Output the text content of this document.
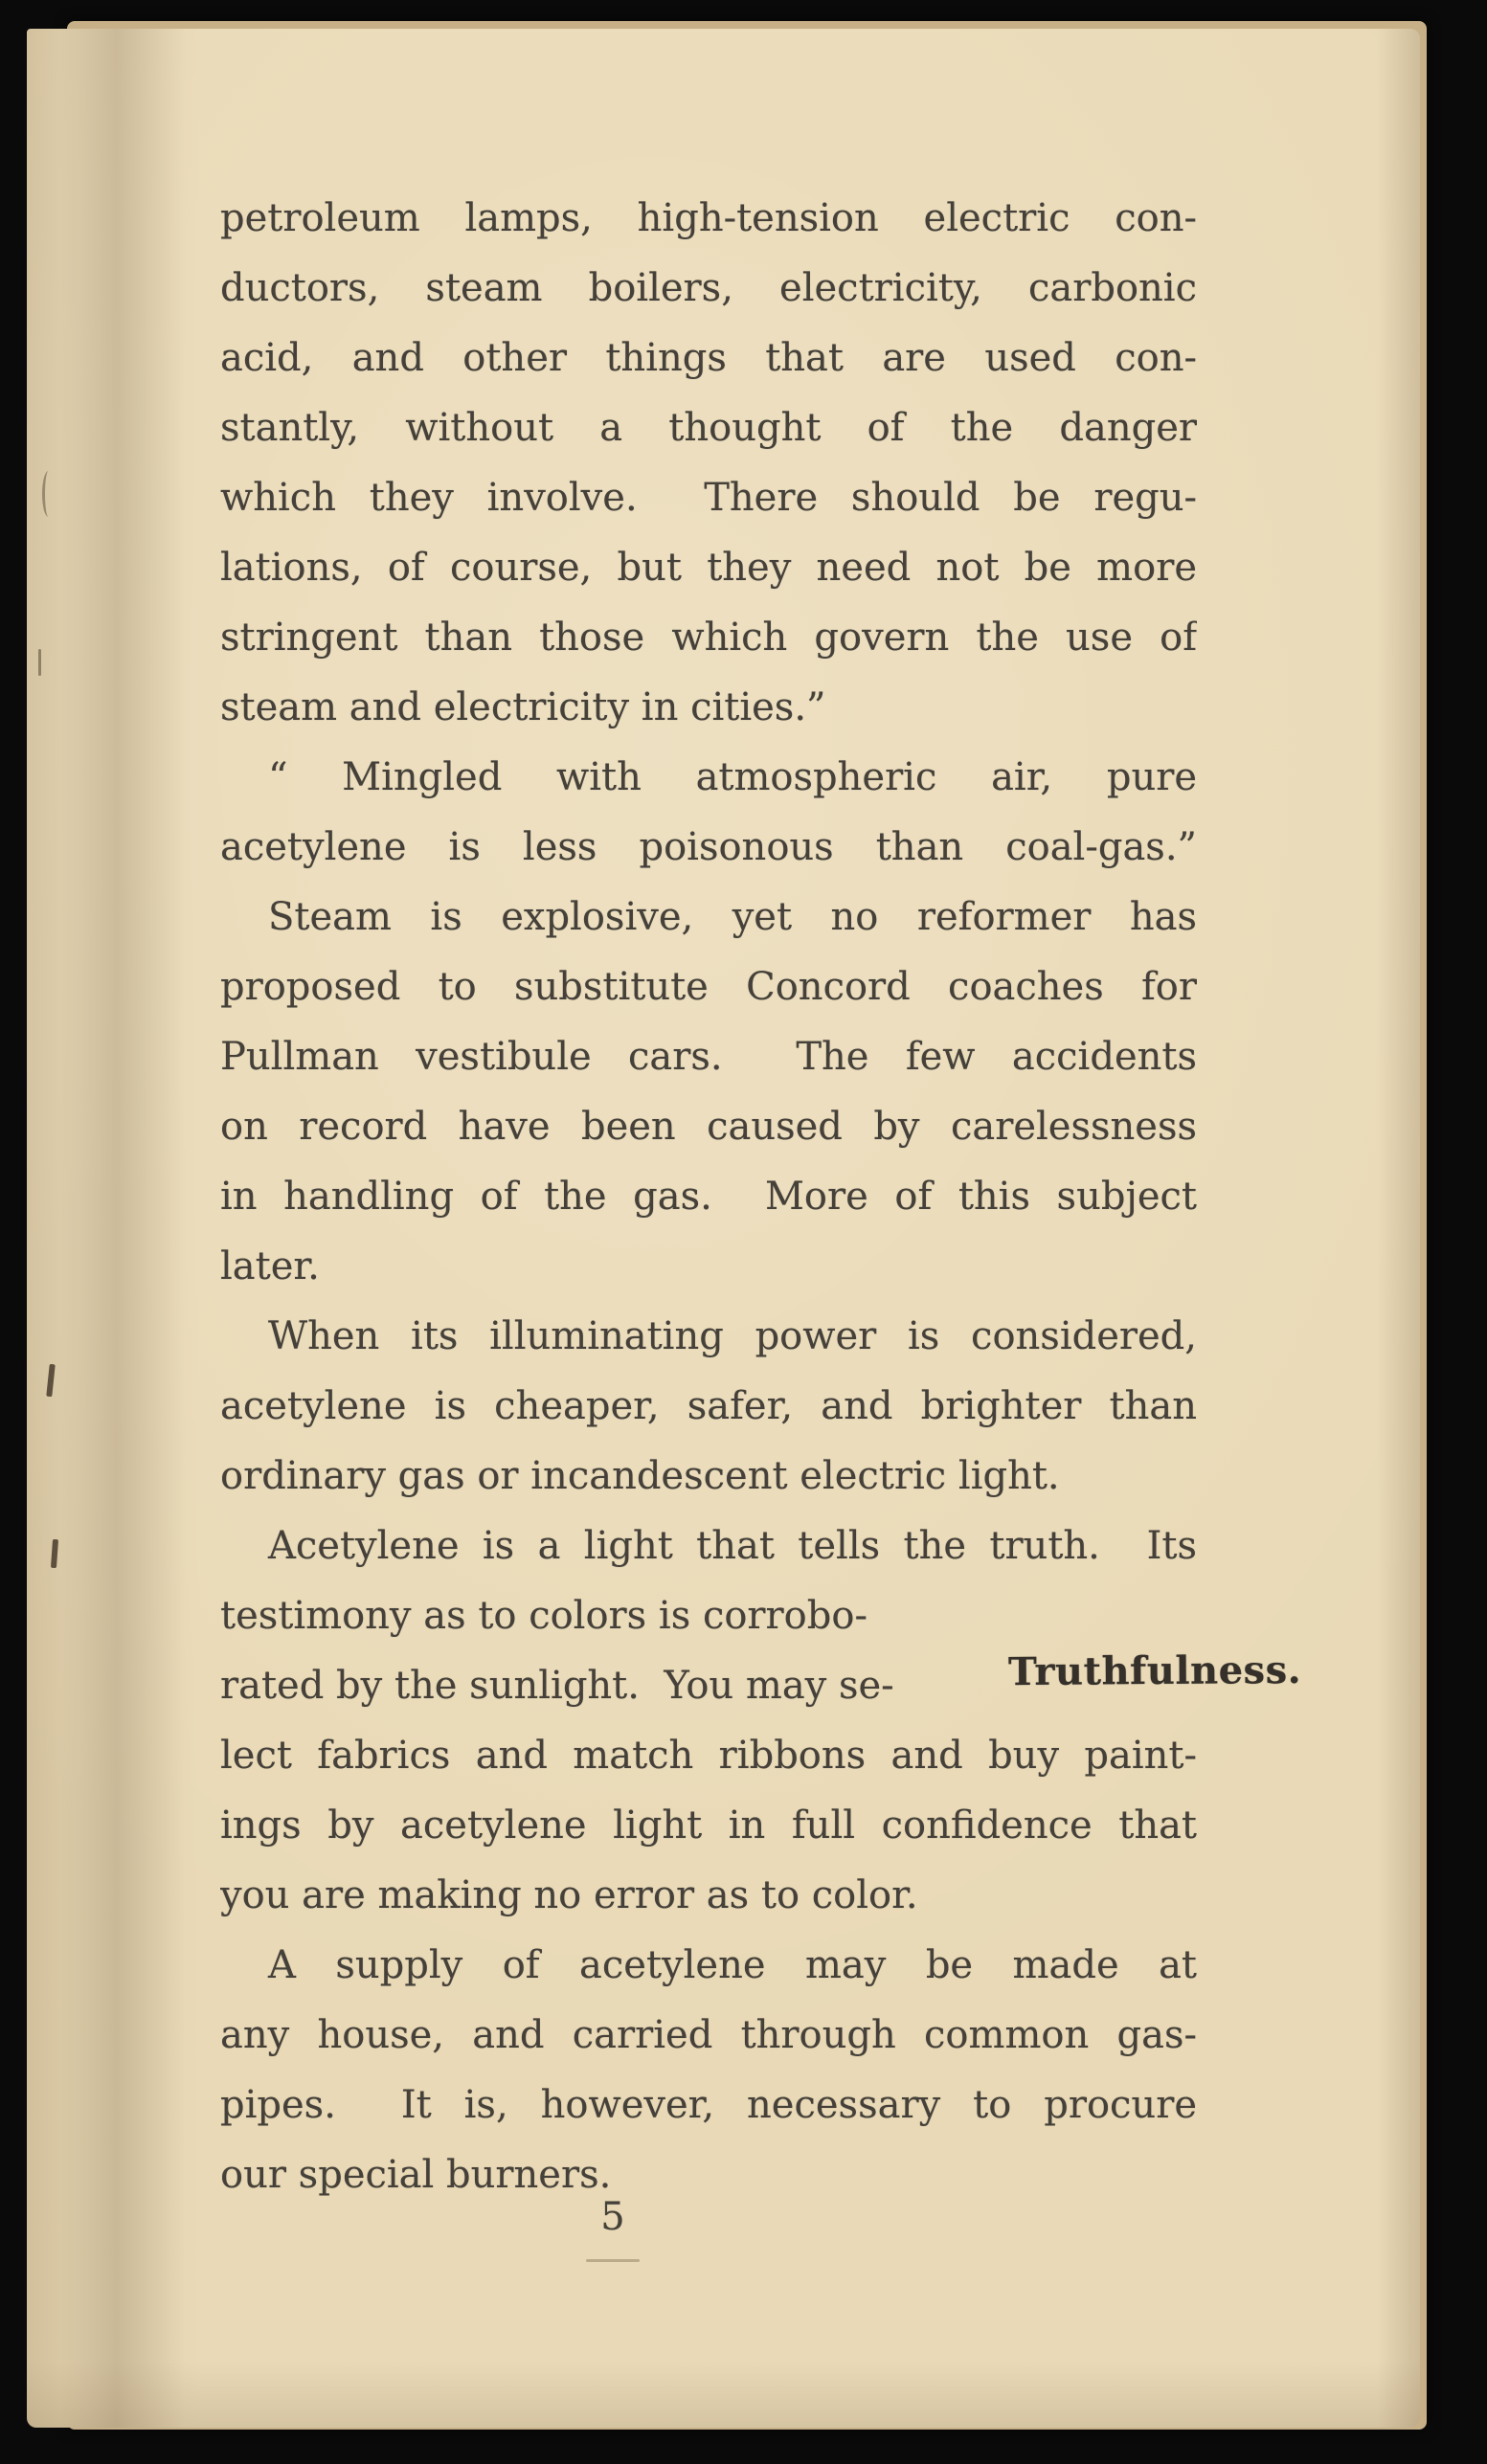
petroleum lamps, high-tension electric con-
ductors, steam boilers, electricity, carbonic
acid, and other things that are used con-
stantly, without a thought of the danger
which they involve.  There should be regu-
lations, of course, but they need not be more
stringent than those which govern the use of
steam and electricity in cities.”
“ Mingled with atmospheric air, pure
acetylene is less poisonous than coal-gas.”
Steam is explosive, yet no reformer has
proposed to substitute Concord coaches for
Pullman vestibule cars.  The few accidents
on record have been caused by carelessness
in handling of the gas.  More of this subject
later.
When its illuminating power is considered,
acetylene is cheaper, safer, and brighter than
ordinary gas or incandescent electric light.
Acetylene is a light that tells the truth.  Its
testimony as to colors is corrobo-
rated by the sunlight.  You may se-
lect fabrics and match ribbons and buy paint-
ings by acetylene light in full confidence that
you are making no error as to color.
A supply of acetylene may be made at
any house, and carried through common gas-
pipes.  It is, however, necessary to procure
our special burners.
Truthfulness.
5
